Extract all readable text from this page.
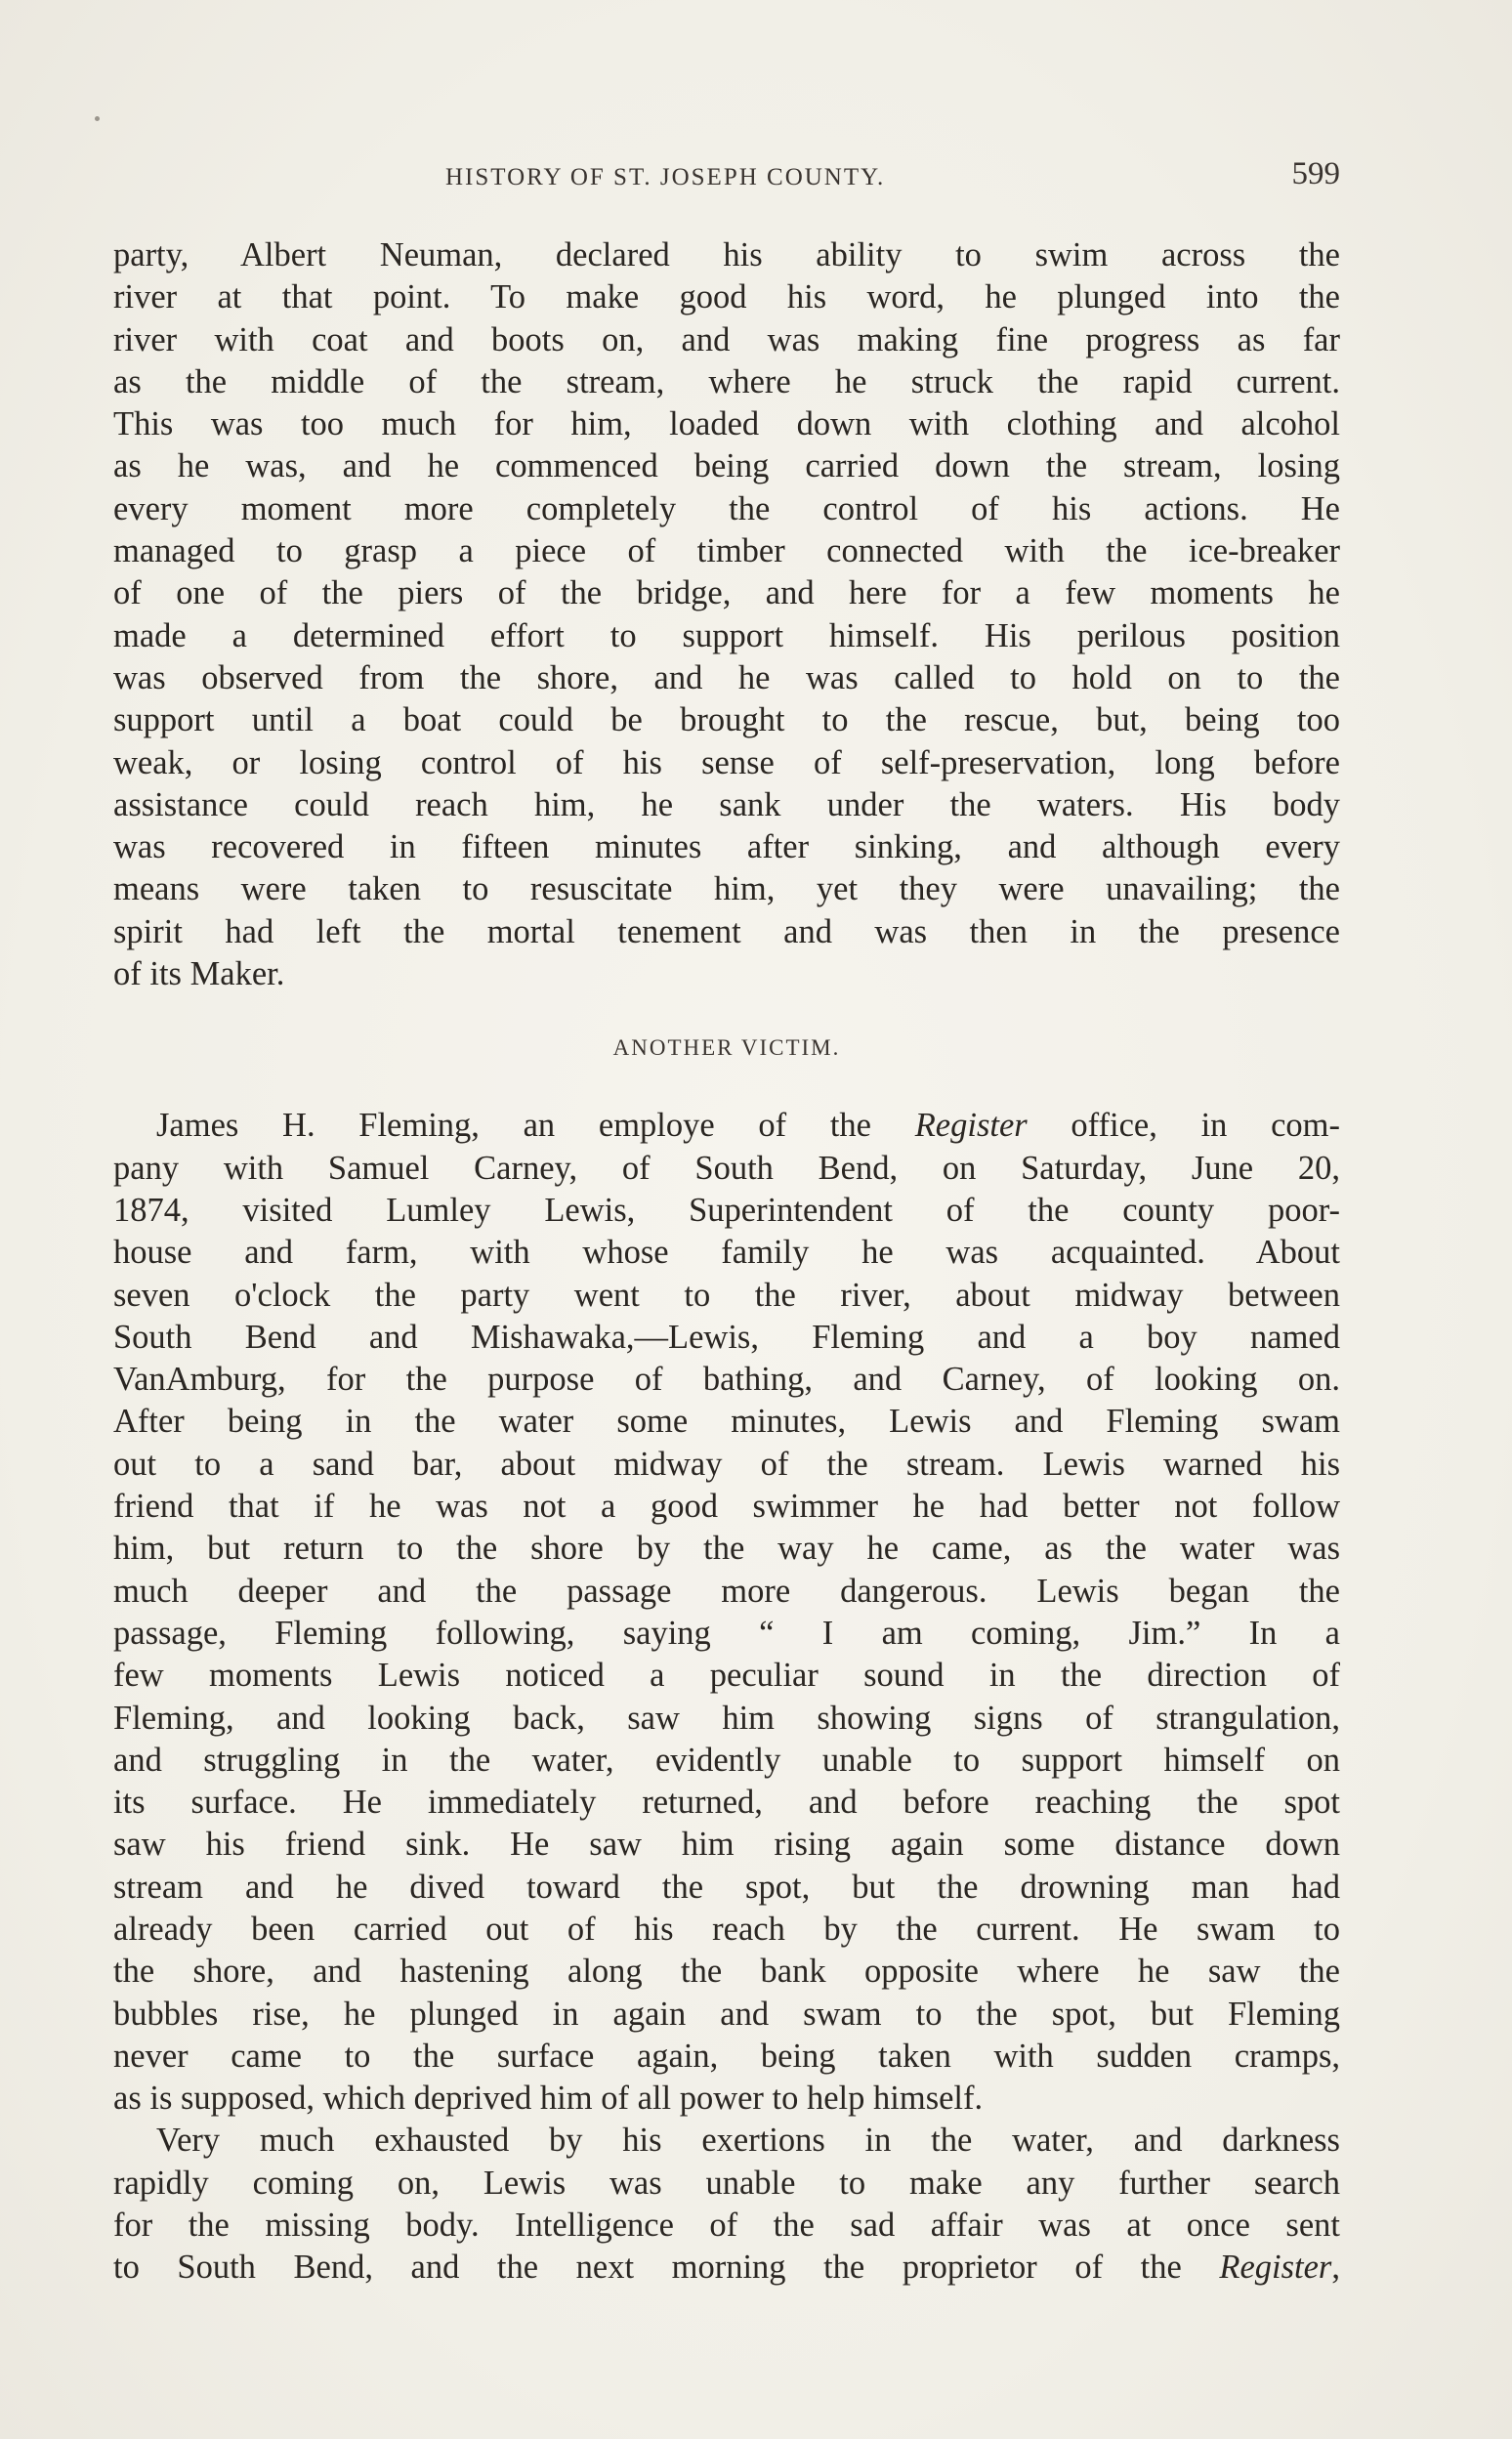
HISTORY OF ST. JOSEPH COUNTY.	599
party, Albert Neuman, declared his ability to swim across the
river at that point. To make good his word, he plunged into the
river with coat and boots on, and was making fine progress as far
as the middle of the stream, where he struck the rapid current.
This was too much for him, loaded down with clothing and alcohol
as he was, and he commenced being carried down the stream, losing
every moment more completely the control of his actions. He
managed to grasp a piece of timber connected with the ice-breaker
of one of the piers of the bridge, and here for a few moments he
made a determined effort to support himself. His perilous position
was observed from the shore, and he was called to hold on to the
support until a boat could be brought to the rescue, but, being too
weak, or losing control of his sense of self-preservation, long before
assistance could reach him, he sank under the waters. His body
was recovered in fifteen minutes after sinking, and although every
means were taken to resuscitate him, yet they were unavailing; the
spirit had left the mortal tenement and was then in the presence
of its Maker.
ANOTHER VICTIM.
James H. Fleming, an employe of the Register office, in com-
pany with Samuel Carney, of South Bend, on Saturday, June 20,
1874, visited Lumley Lewis, Superintendent of the county poor-
house and farm, with whose family he was acquainted. About
seven o'clock the party went to the river, about midway between
South Bend and Mishawaka,—Lewis, Fleming and a boy named
VanAmburg, for the purpose of bathing, and Carney, of looking on.
After being in the water some minutes, Lewis and Fleming swam
out to a sand bar, about midway of the stream. Lewis warned his
friend that if he was not a good swimmer he had better not follow
him, but return to the shore by the way he came, as the water was
much deeper and the passage more dangerous. Lewis began the
passage, Fleming following, saying “ I am coming, Jim.” In a
few moments Lewis noticed a peculiar sound in the direction of
Fleming, and looking back, saw him showing signs of strangulation,
and struggling in the water, evidently unable to support himself on
its surface. He immediately returned, and before reaching the spot
saw his friend sink. He saw him rising again some distance down
stream and he dived toward the spot, but the drowning man had
already been carried out of his reach by the current. He swam to
the shore, and hastening along the bank opposite where he saw the
bubbles rise, he plunged in again and swam to the spot, but Fleming
never came to the surface again, being taken with sudden cramps,
as is supposed, which deprived him of all power to help himself.
Very much exhausted by his exertions in the water, and darkness
rapidly coming on, Lewis was unable to make any further search
for the missing body. Intelligence of the sad affair was at once sent
to South Bend, and the next morning the proprietor of the Register,
